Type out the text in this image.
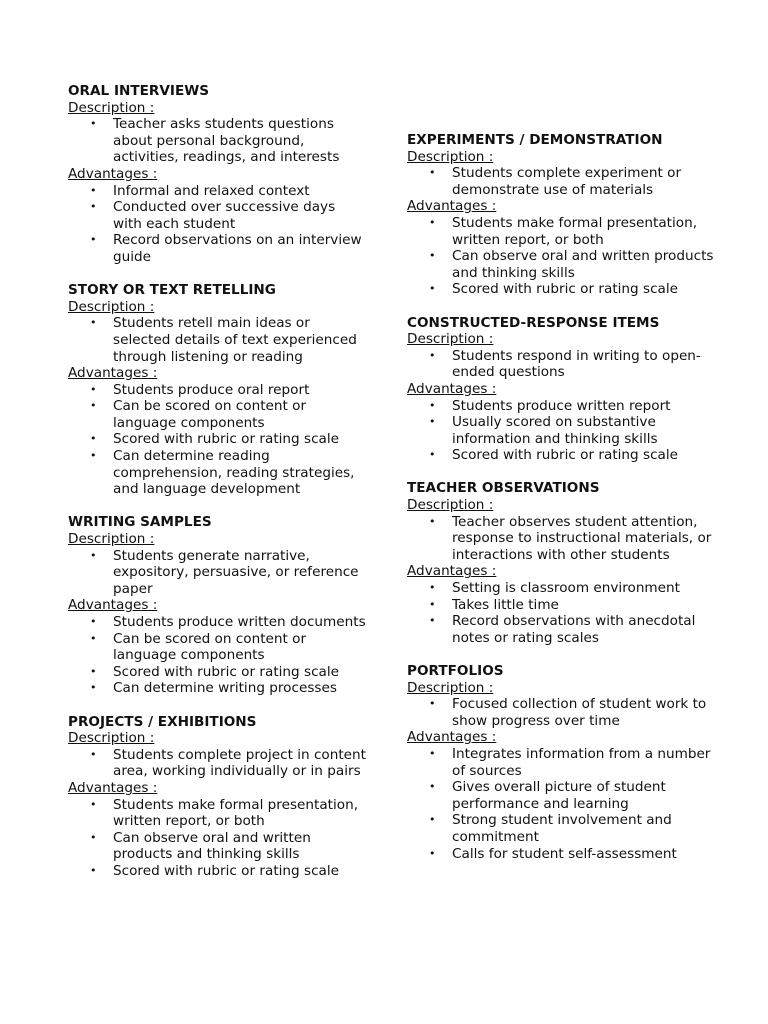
ORAL INTERVIEWS
Description :
• Teacher asks students questions about personal background, activities, readings, and interests
Advantages :
• Informal and relaxed context
• Conducted over successive days with each student
• Record observations on an interview guide
STORY OR TEXT RETELLING
Description :
• Students retell main ideas or selected details of text experienced through listening or reading
Advantages :
• Students produce oral report
• Can be scored on content or language components
• Scored with rubric or rating scale
• Can determine reading comprehension, reading strategies, and language development
WRITING SAMPLES
Description :
• Students generate narrative, expository, persuasive, or reference paper
Advantages :
• Students produce written documents
• Can be scored on content or language components
• Scored with rubric or rating scale
• Can determine writing processes
PROJECTS / EXHIBITIONS
Description :
• Students complete project in content area, working individually or in pairs
Advantages :
• Students make formal presentation, written report, or both
• Can observe oral and written products and thinking skills
• Scored with rubric or rating scale
EXPERIMENTS / DEMONSTRATION
Description :
• Students complete experiment or demonstrate use of materials
Advantages :
• Students make formal presentation, written report, or both
• Can observe oral and written products and thinking skills
• Scored with rubric or rating scale
CONSTRUCTED-RESPONSE ITEMS
Description :
• Students respond in writing to open-ended questions
Advantages :
• Students produce written report
• Usually scored on substantive information and thinking skills
• Scored with rubric or rating scale
TEACHER OBSERVATIONS
Description :
• Teacher observes student attention, response to instructional materials, or interactions with other students
Advantages :
• Setting is classroom environment
• Takes little time
• Record observations with anecdotal notes or rating scales
PORTFOLIOS
Description :
• Focused collection of student work to show progress over time
Advantages :
• Integrates information from a number of sources
• Gives overall picture of student performance and learning
• Strong student involvement and commitment
• Calls for student self-assessment
